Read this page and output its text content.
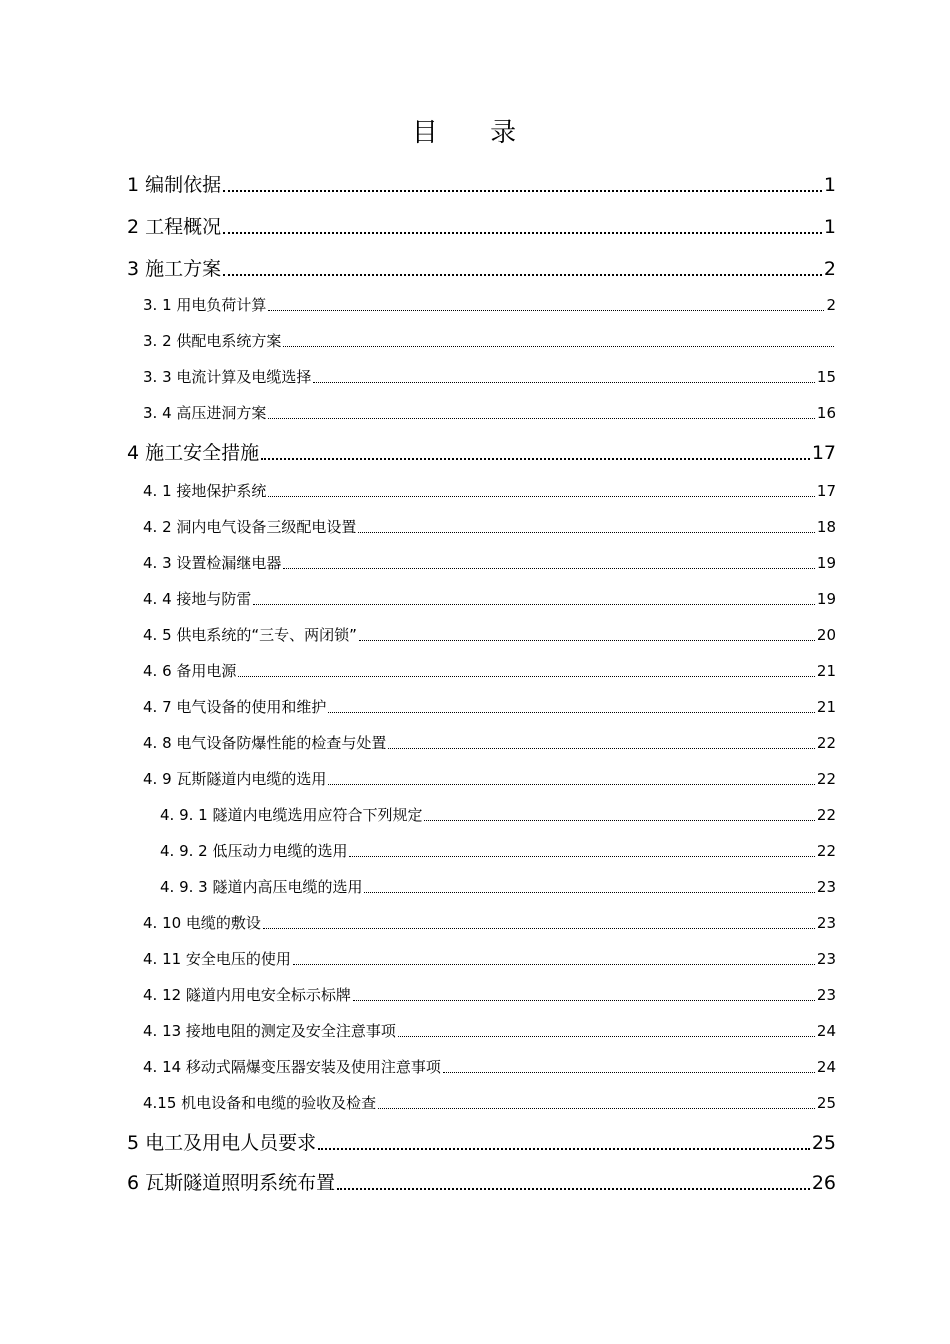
目 录
1 编制依据	1
2 工程概况	1
3 施工方案	2
3. 1 用电负荷计算	2
3. 2 供配电系统方案
3. 3 电流计算及电缆选择	15
3. 4 高压进洞方案	16
4 施工安全措施	17
4. 1 接地保护系统	17
4. 2 洞内电气设备三级配电设置	18
4. 3 设置检漏继电器	19
4. 4 接地与防雷	19
4. 5 供电系统的“三专、两闭锁”	20
4. 6 备用电源	21
4. 7 电气设备的使用和维护	21
4. 8 电气设备防爆性能的检查与处置	22
4. 9 瓦斯隧道内电缆的选用	22
4. 9. 1 隧道内电缆选用应符合下列规定	22
4. 9. 2 低压动力电缆的选用	22
4. 9. 3 隧道内高压电缆的选用	23
4. 10 电缆的敷设	23
4. 11 安全电压的使用	23
4. 12 隧道内用电安全标示标牌	23
4. 13 接地电阻的测定及安全注意事项	24
4. 14 移动式隔爆变压器安装及使用注意事项	24
4.15 机电设备和电缆的验收及检查	25
5 电工及用电人员要求	25
6 瓦斯隧道照明系统布置	26
